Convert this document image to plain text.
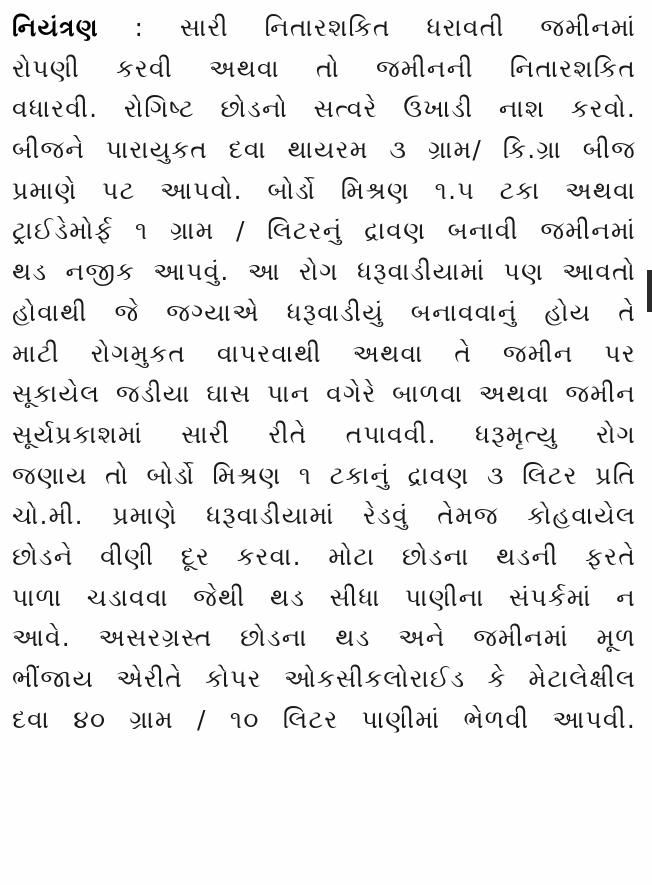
નિયંત્રણ : સારી નિતારશકિત ધરાવતી જમીનમાં
રોપણી કરવી અથવા તો જમીનની નિતારશકિત
વધારવી. રોગિષ્ટ છોડનો સત્વરે ઉખાડી નાશ કરવો.
બીજને પારાયુકત દવા થાયરમ ૩ ગ્રામ/ કિ.ગ્રા બીજ
પ્રમાણે પટ આપવો. બોર્ડો મિશ્રણ ૧.૫ ટકા અથવા
ટ્રાઈડેમોર્ફ ૧ ગ્રામ / લિટરનું દ્રાવણ બનાવી જમીનમાં
થડ નજીક આપવું. આ રોગ ધરૂવાડીયામાં પણ આવતો
હોવાથી જે જગ્યાએ ધરૂવાડીયું બનાવવાનું હોય તે
માટી રોગમુકત વાપરવાથી અથવા તે જમીન પર
સૂકાયેલ જડીયા ઘાસ પાન વગેરે બાળવા અથવા જમીન
સૂર્યપ્રકાશમાં સારી રીતે તપાવવી. ધરૂમૃત્યુ રોગ
જણાય તો બોર્ડો મિશ્રણ ૧ ટકાનું દ્રાવણ ૩ લિટર પ્રતિ
ચો.મી. પ્રમાણે ધરૂવાડીયામાં રેડવું તેમજ કોહવાયેલ
છોડને વીણી દૂર કરવા. મોટા છોડના થડની ફરતે
પાળા ચડાવવા જેથી થડ સીધા પાણીના સંપર્કમાં ન
આવે. અસરગ્રસ્ત છોડના થડ અને જમીનમાં મૂળ
ભીંજાય એરીતે કોપર ઓકસીકલોરાઈડ કે મેટાલેક્ષીલ
દવા ૪૦ ગ્રામ / ૧૦ લિટર પાણીમાં ભેળવી આપવી.
